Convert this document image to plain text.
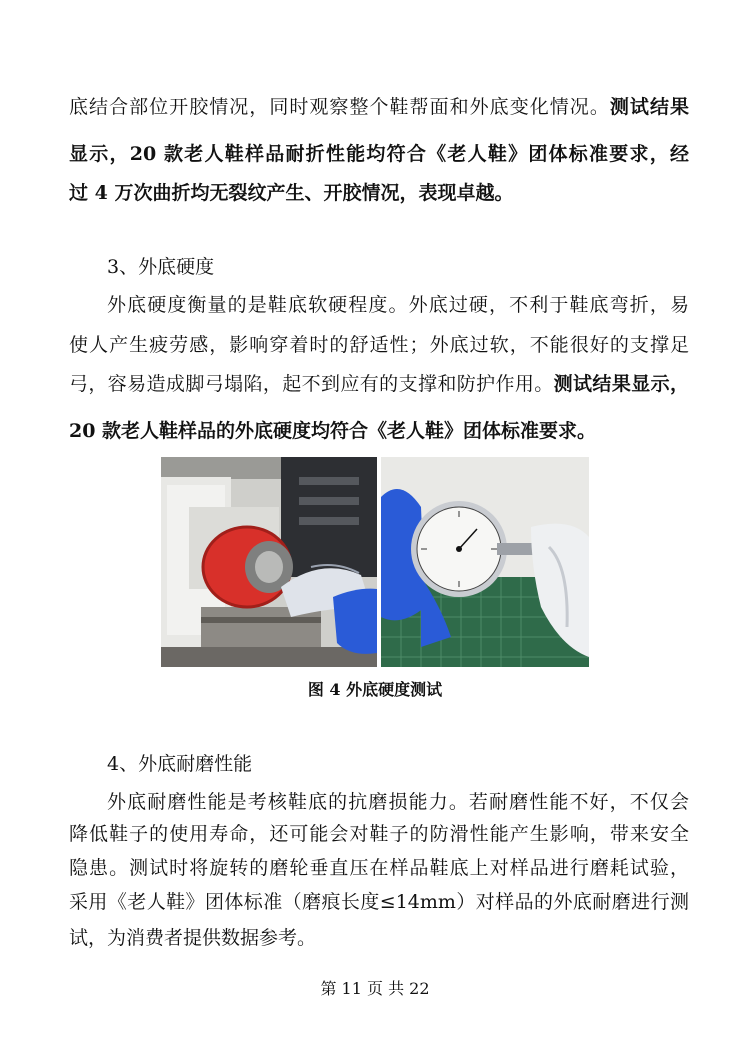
底结合部位开胶情况，同时观察整个鞋帮面和外底变化情况。测试结果
显示，20 款老人鞋样品耐折性能均符合《老人鞋》团体标准要求，经
过 4 万次曲折均无裂纹产生、开胶情况，表现卓越。
3、外底硬度
外底硬度衡量的是鞋底软硬程度。外底过硬，不利于鞋底弯折，易
使人产生疲劳感，影响穿着时的舒适性；外底过软，不能很好的支撑足
弓，容易造成脚弓塌陷，起不到应有的支撑和防护作用。测试结果显示，
20 款老人鞋样品的外底硬度均符合《老人鞋》团体标准要求。
图 4 外底硬度测试
4、外底耐磨性能
外底耐磨性能是考核鞋底的抗磨损能力。若耐磨性能不好，不仅会
降低鞋子的使用寿命，还可能会对鞋子的防滑性能产生影响，带来安全
隐患。测试时将旋转的磨轮垂直压在样品鞋底上对样品进行磨耗试验，
采用《老人鞋》团体标准（磨痕长度≤14mm）对样品的外底耐磨进行测
试，为消费者提供数据参考。
第 11 页 共 22
